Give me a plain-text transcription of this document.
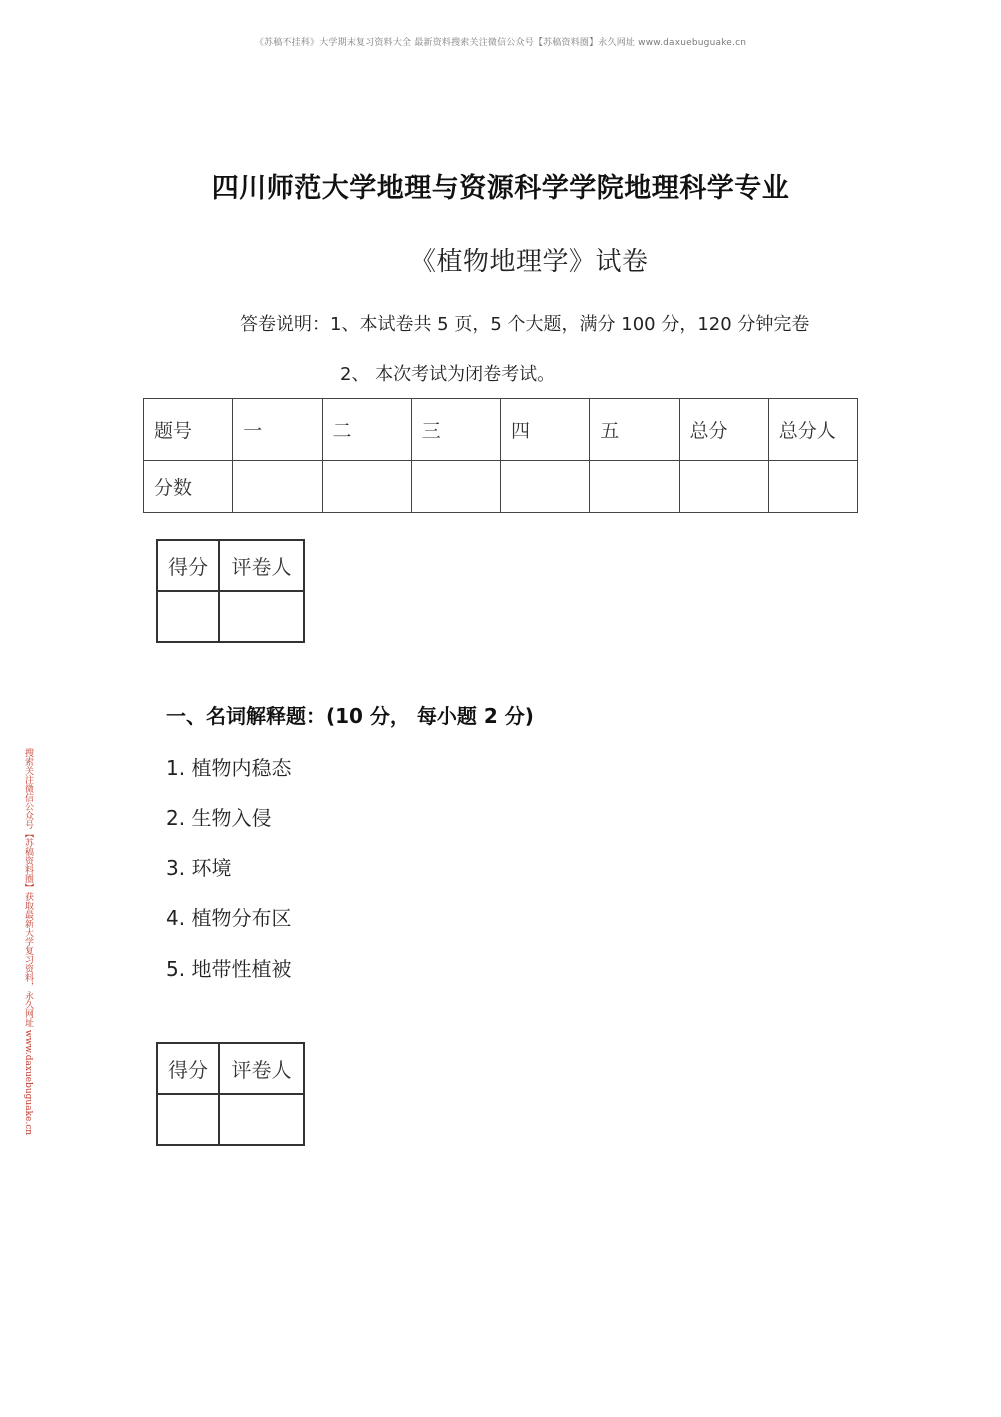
《苏稿不挂科》大学期末复习资料大全 最新资料搜索关注微信公众号【苏稿资料圈】永久网址 www.daxuebuguake.cn
搜索关注微信公众号【苏稿资料圈】获取最新大学复习资料，永久网址 www.daxuebuguake.cn
四川师范大学地理与资源科学学院地理科学专业
《植物地理学》试卷
答卷说明：1、本试卷共 5 页，5 个大题，满分 100 分，120 分钟完卷
2、 本次考试为闭卷考试。
题号	一	二	三	四	五	总分	总分人
分数							
得分	评卷人

一、名词解释题：(10 分， 每小题 2 分)
1. 植物内稳态
2. 生物入侵
3. 环境
4. 植物分布区
5. 地带性植被
得分	评卷人
